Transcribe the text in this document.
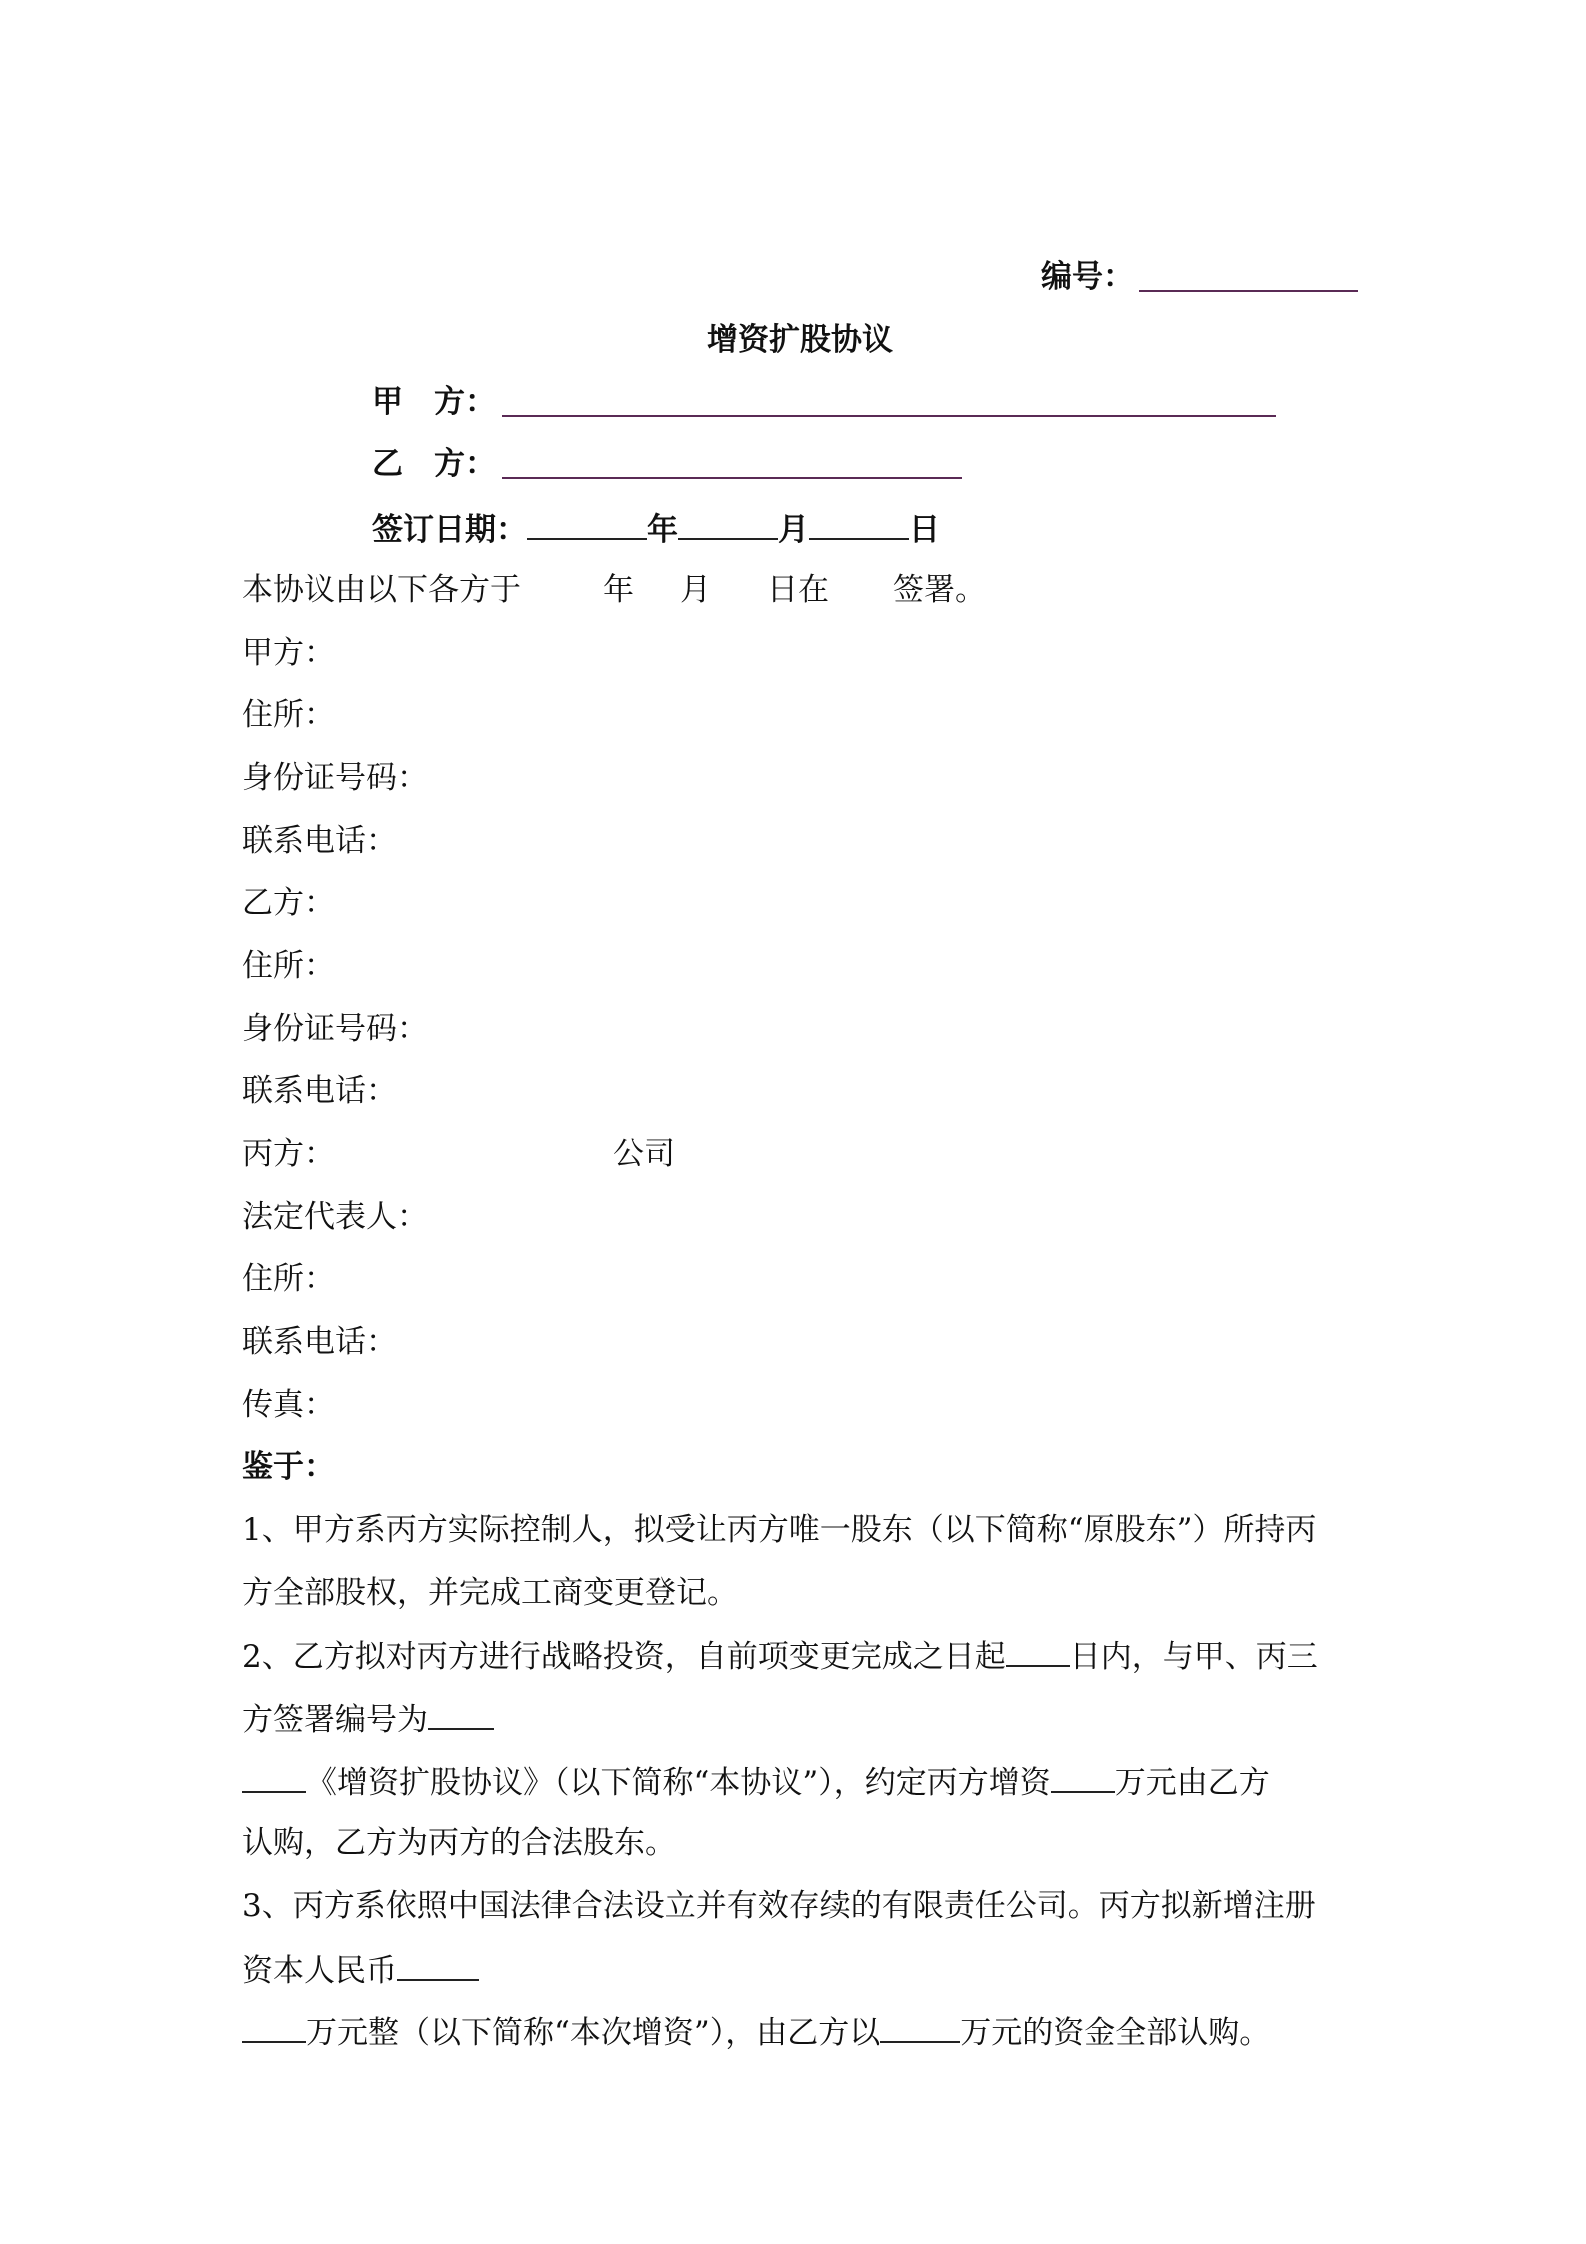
编号：
增资扩股协议
甲　方：
乙　方：
签订日期：	年	月	日
本协议由以下各方于	年 月 日在 签署。
甲方：
住所：
身份证号码：
联系电话：
乙方：
住所：
身份证号码：
联系电话：
丙方：	公司
法定代表人：
住所：
联系电话：
传真：
鉴于：
1、甲方系丙方实际控制人，拟受让丙方唯一股东（以下简称“原股东”）所持丙
方全部股权，并完成工商变更登记。
2、乙方拟对丙方进行战略投资，自前项变更完成之日起 日内，与甲、丙三
方签署编号为
《增资扩股协议》（以下简称“本协议”），约定丙方增资 万元由乙方
认购，乙方为丙方的合法股东。
3、丙方系依照中国法律合法设立并有效存续的有限责任公司。丙方拟新增注册
资本人民币
万元整（以下简称“本次增资”），由乙方以	万元的资金全部认购。
